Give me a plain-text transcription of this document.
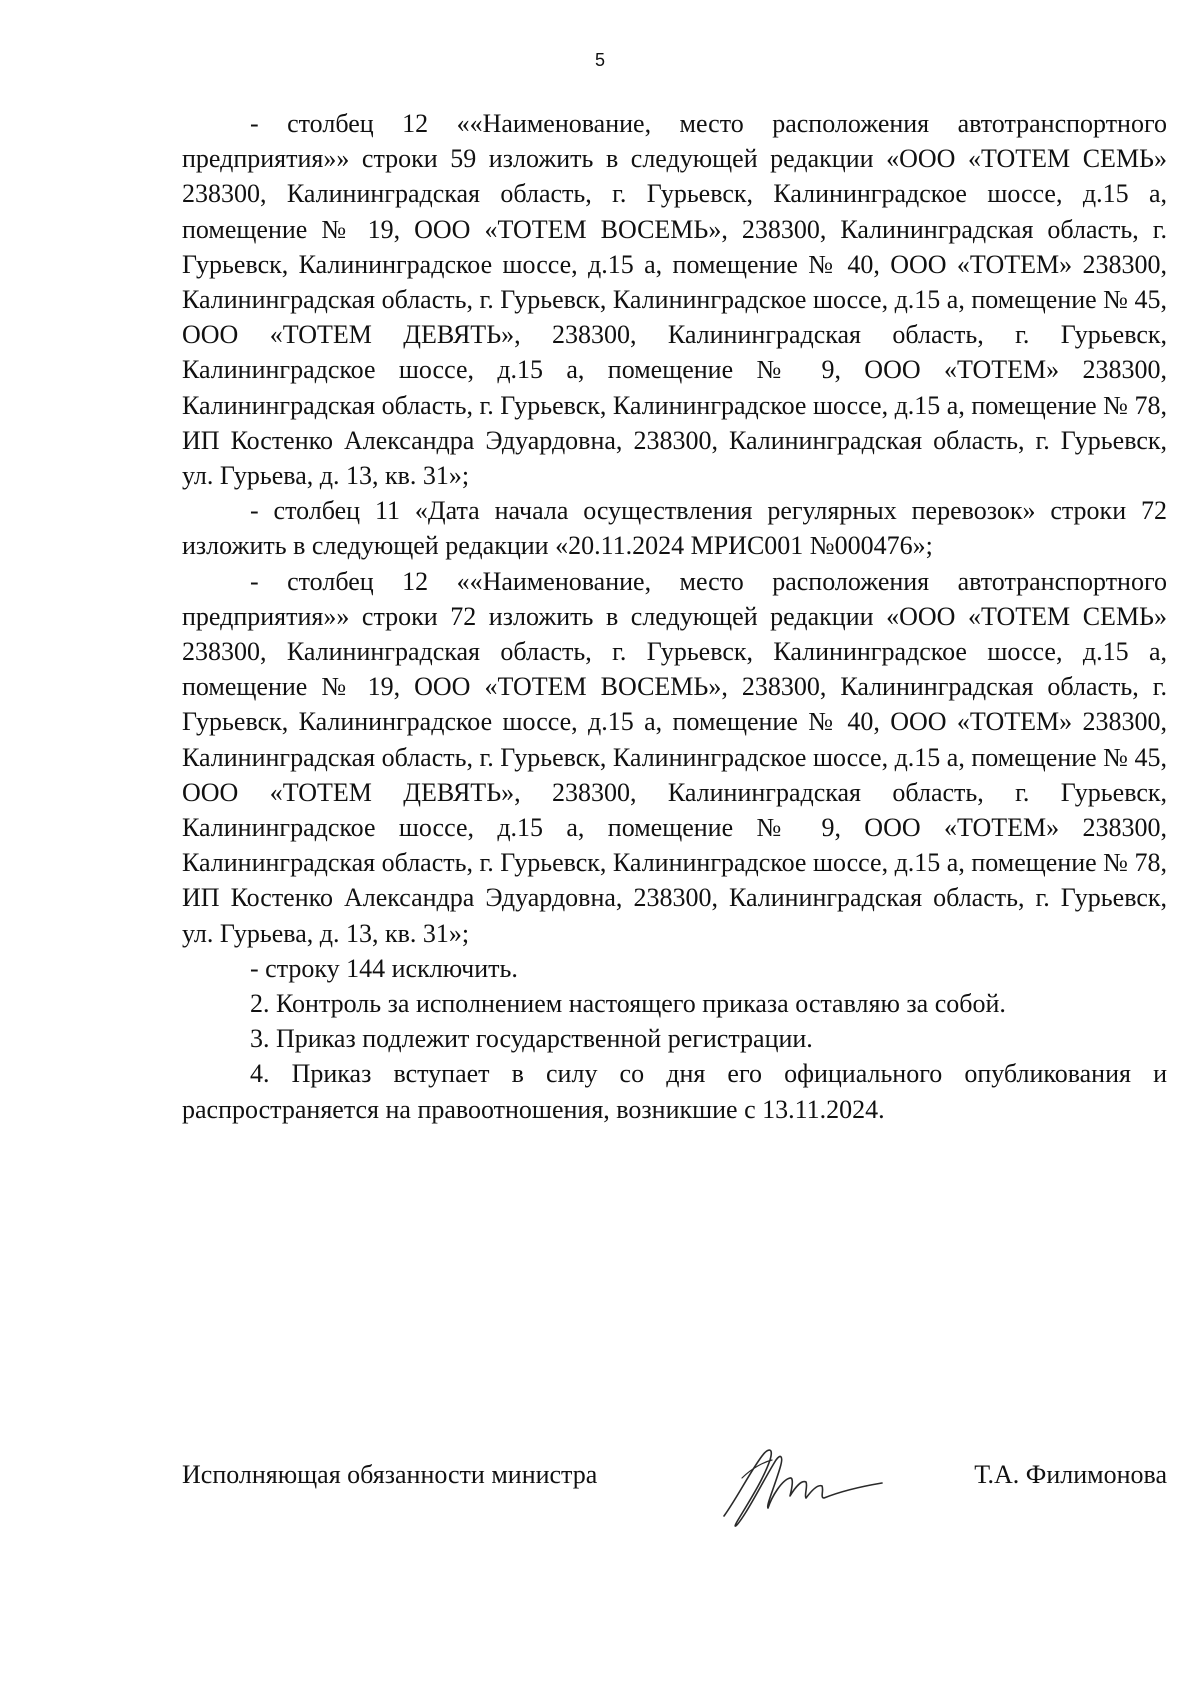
5

- столбец 12 ««Наименование, место расположения автотранспортного предприятия»» строки 59 изложить в следующей редакции «ООО «ТОТЕМ СЕМЬ» 238300, Калининградская область, г. Гурьевск, Калининградское шоссе, д.15 а, помещение № 19, ООО «ТОТЕМ ВОСЕМЬ», 238300, Калининградская область, г. Гурьевск, Калининградское шоссе, д.15 а, помещение № 40, ООО «ТОТЕМ» 238300, Калининградская область, г. Гурьевск, Калининградское шоссе, д.15 а, помещение № 45, ООО «ТОТЕМ ДЕВЯТЬ», 238300, Калининградская область, г. Гурьевск, Калининградское шоссе, д.15 а, помещение № 9, ООО «ТОТЕМ» 238300, Калининградская область, г. Гурьевск, Калининградское шоссе, д.15 а, помещение № 78, ИП Костенко Александра Эдуардовна, 238300, Калининградская область, г. Гурьевск, ул. Гурьева, д. 13, кв. 31»;

- столбец 11 «Дата начала осуществления регулярных перевозок» строки 72 изложить в следующей редакции «20.11.2024 МРИС001 №000476»;

- столбец 12 ««Наименование, место расположения автотранспортного предприятия»» строки 72 изложить в следующей редакции «ООО «ТОТЕМ СЕМЬ» 238300, Калининградская область, г. Гурьевск, Калининградское шоссе, д.15 а, помещение № 19, ООО «ТОТЕМ ВОСЕМЬ», 238300, Калининградская область, г. Гурьевск, Калининградское шоссе, д.15 а, помещение № 40, ООО «ТОТЕМ» 238300, Калининградская область, г. Гурьевск, Калининградское шоссе, д.15 а, помещение № 45, ООО «ТОТЕМ ДЕВЯТЬ», 238300, Калининградская область, г. Гурьевск, Калининградское шоссе, д.15 а, помещение № 9, ООО «ТОТЕМ» 238300, Калининградская область, г. Гурьевск, Калининградское шоссе, д.15 а, помещение № 78, ИП Костенко Александра Эдуардовна, 238300, Калининградская область, г. Гурьевск, ул. Гурьева, д. 13, кв. 31»;

- строку 144 исключить.

2. Контроль за исполнением настоящего приказа оставляю за собой.

3. Приказ подлежит государственной регистрации.

4. Приказ вступает в силу со дня его официального опубликования и распространяется на правоотношения, возникшие с 13.11.2024.

Исполняющая обязанности министра	Т.А. Филимонова
